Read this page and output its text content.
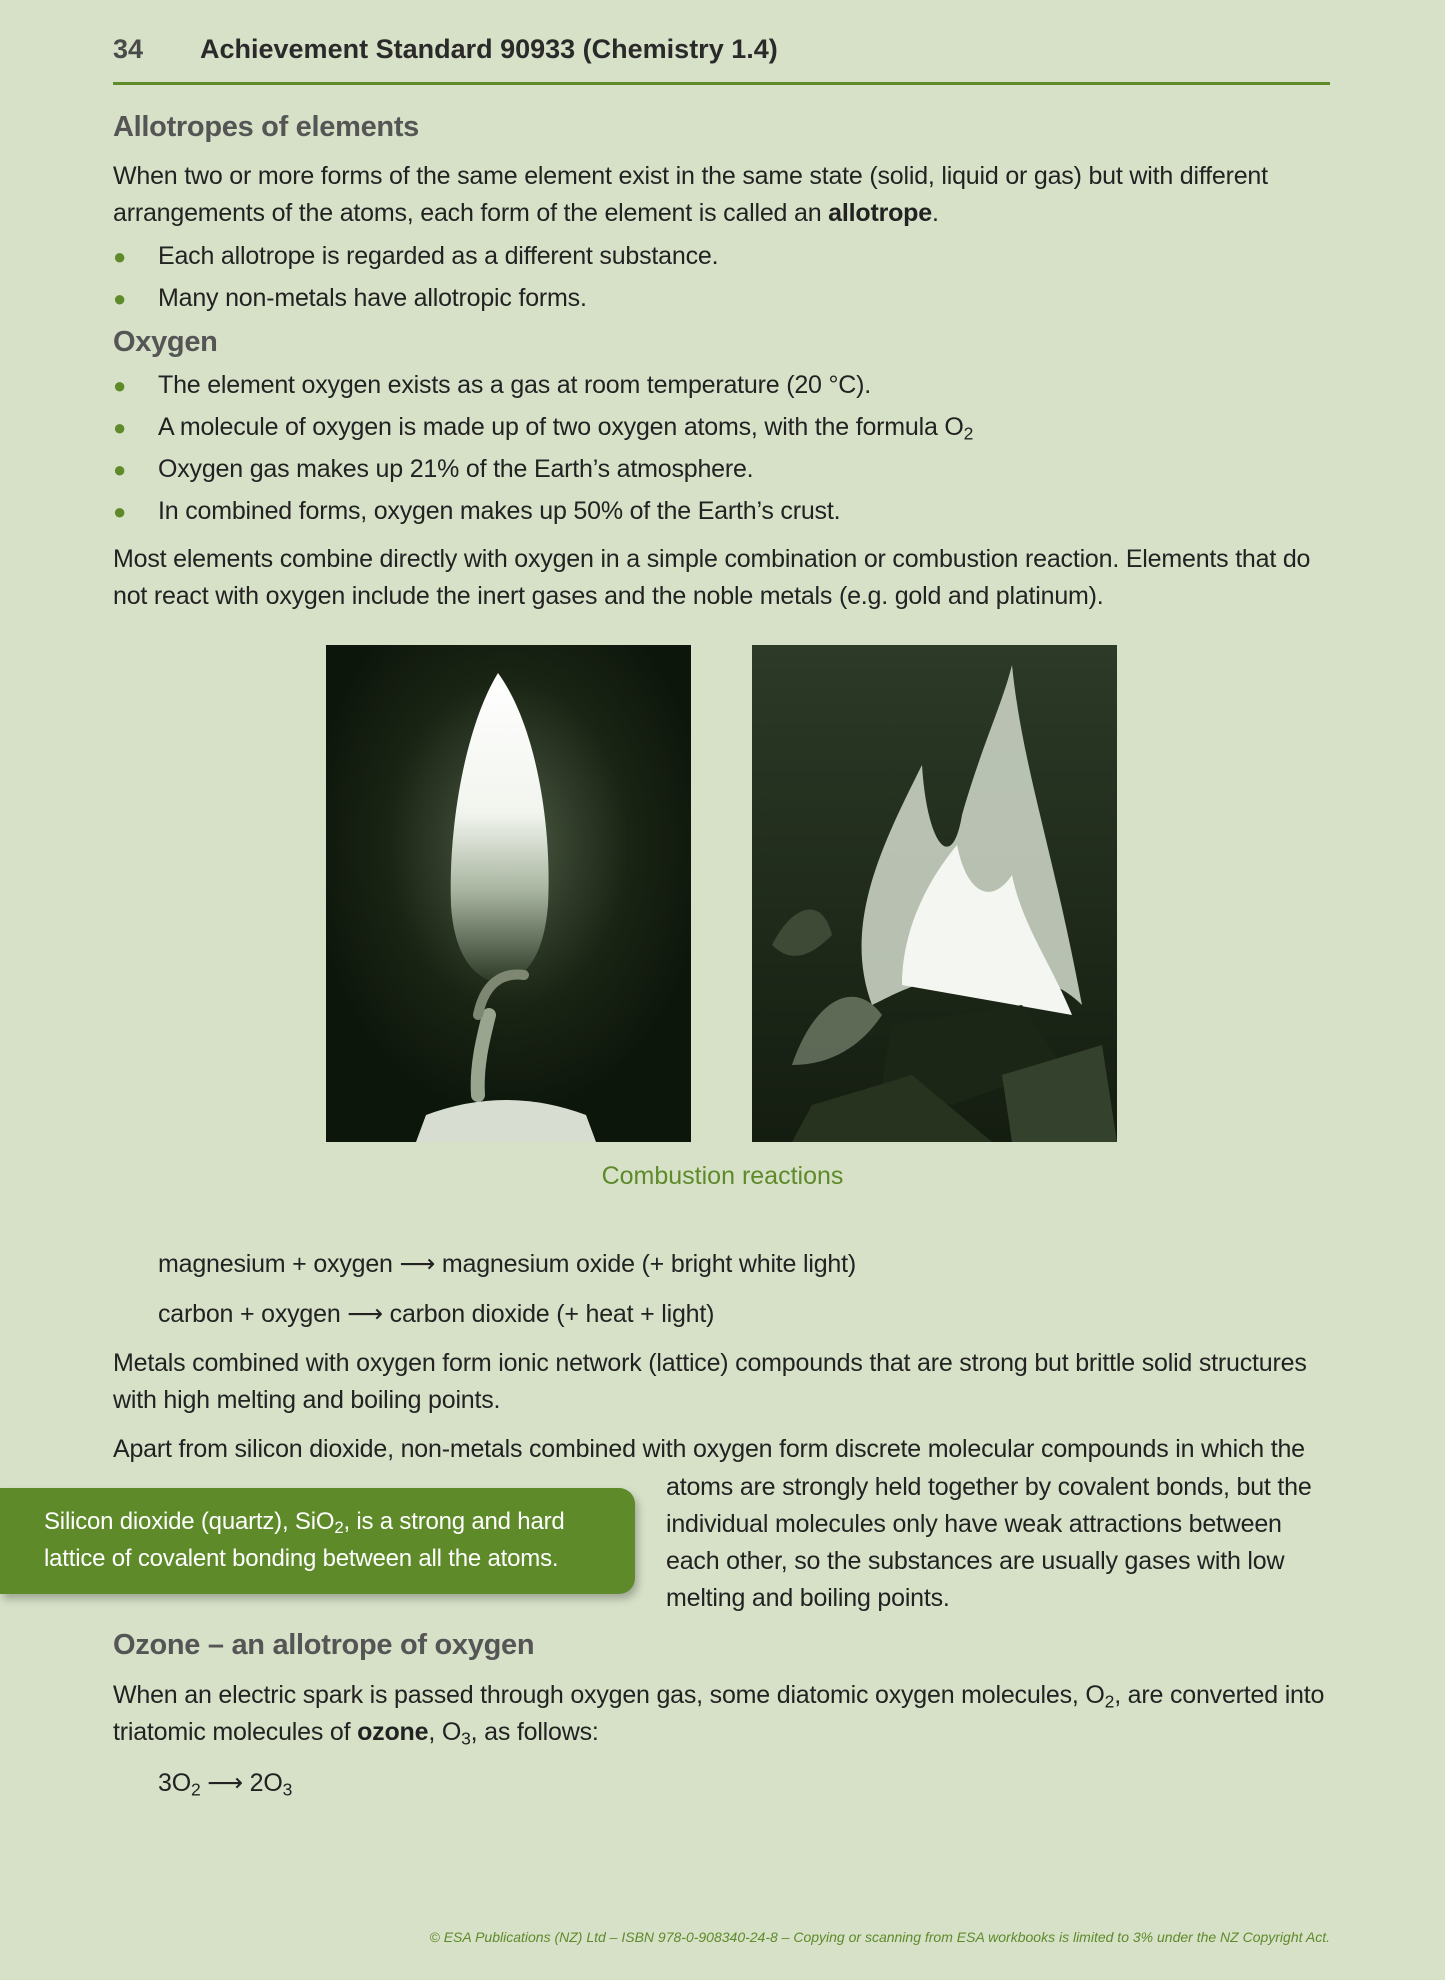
34 Achievement Standard 90933 (Chemistry 1.4)
Allotropes of elements
When two or more forms of the same element exist in the same state (solid, liquid or gas) but with different arrangements of the atoms, each form of the element is called an allotrope.
● Each allotrope is regarded as a different substance.
● Many non-metals have allotropic forms.
Oxygen
● The element oxygen exists as a gas at room temperature (20 °C).
● A molecule of oxygen is made up of two oxygen atoms, with the formula $O_2$
● Oxygen gas makes up 21% of the Earth’s atmosphere.
● In combined forms, oxygen makes up 50% of the Earth’s crust.
Most elements combine directly with oxygen in a simple combination or combustion reaction. Elements that do not react with oxygen include the inert gases and the noble metals (e.g. gold and platinum).
Combustion reactions
magnesium + oxygen ⟶ magnesium oxide (+ bright white light)
carbon + oxygen ⟶ carbon dioxide (+ heat + light)
Metals combined with oxygen form ionic network (lattice) compounds that are strong but brittle solid structures with high melting and boiling points.
Apart from silicon dioxide, non-metals combined with oxygen form discrete molecular compounds in which the
atoms are strongly held together by covalent bonds, but the individual molecules only have weak attractions between each other, so the substances are usually gases with low melting and boiling points.
Silicon dioxide (quartz), SiO$_2$, is a strong and hard lattice of covalent bonding between all the atoms.
Ozone – an allotrope of oxygen
When an electric spark is passed through oxygen gas, some diatomic oxygen molecules, $O_2$, are converted into triatomic molecules of ozone, $O_3$, as follows:
$3O_2$ ⟶ $2O_3$
© ESA Publications (NZ) Ltd – ISBN 978-0-908340-24-8 – Copying or scanning from ESA workbooks is limited to 3% under the NZ Copyright Act.
